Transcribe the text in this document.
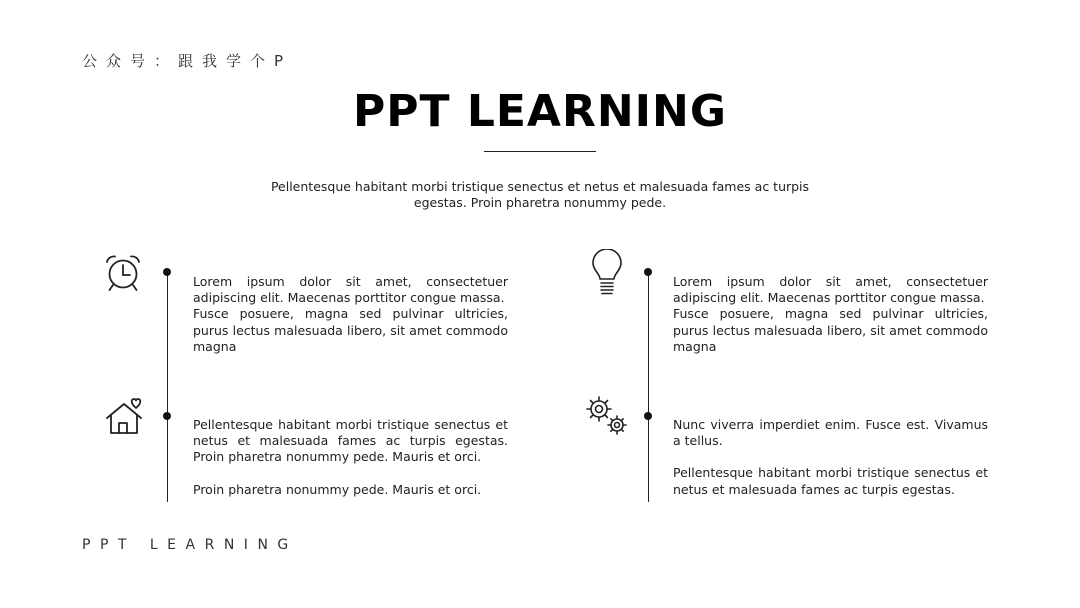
公众号：跟我学个P
PPT LEARNING
Pellentesque habitant morbi tristique senectus et netus et malesuada fames ac turpis egestas. Proin pharetra nonummy pede.

Lorem ipsum dolor sit amet, consectetuer adipiscing elit. Maecenas porttitor congue massa.

Fusce posuere, magna sed pulvinar ultricies, purus lectus malesuada libero, sit amet commodo magna

Lorem ipsum dolor sit amet, consectetuer adipiscing elit. Maecenas porttitor congue massa.

Fusce posuere, magna sed pulvinar ultricies, purus lectus malesuada libero, sit amet commodo magna

Pellentesque habitant morbi tristique senectus et netus et malesuada fames ac turpis egestas. Proin pharetra nonummy pede. Mauris et orci.

Proin pharetra nonummy pede. Mauris et orci.

Nunc viverra imperdiet enim. Fusce est. Vivamus a tellus.

Pellentesque habitant morbi tristique senectus et netus et malesuada fames ac turpis egestas.

PPT LEARNING
